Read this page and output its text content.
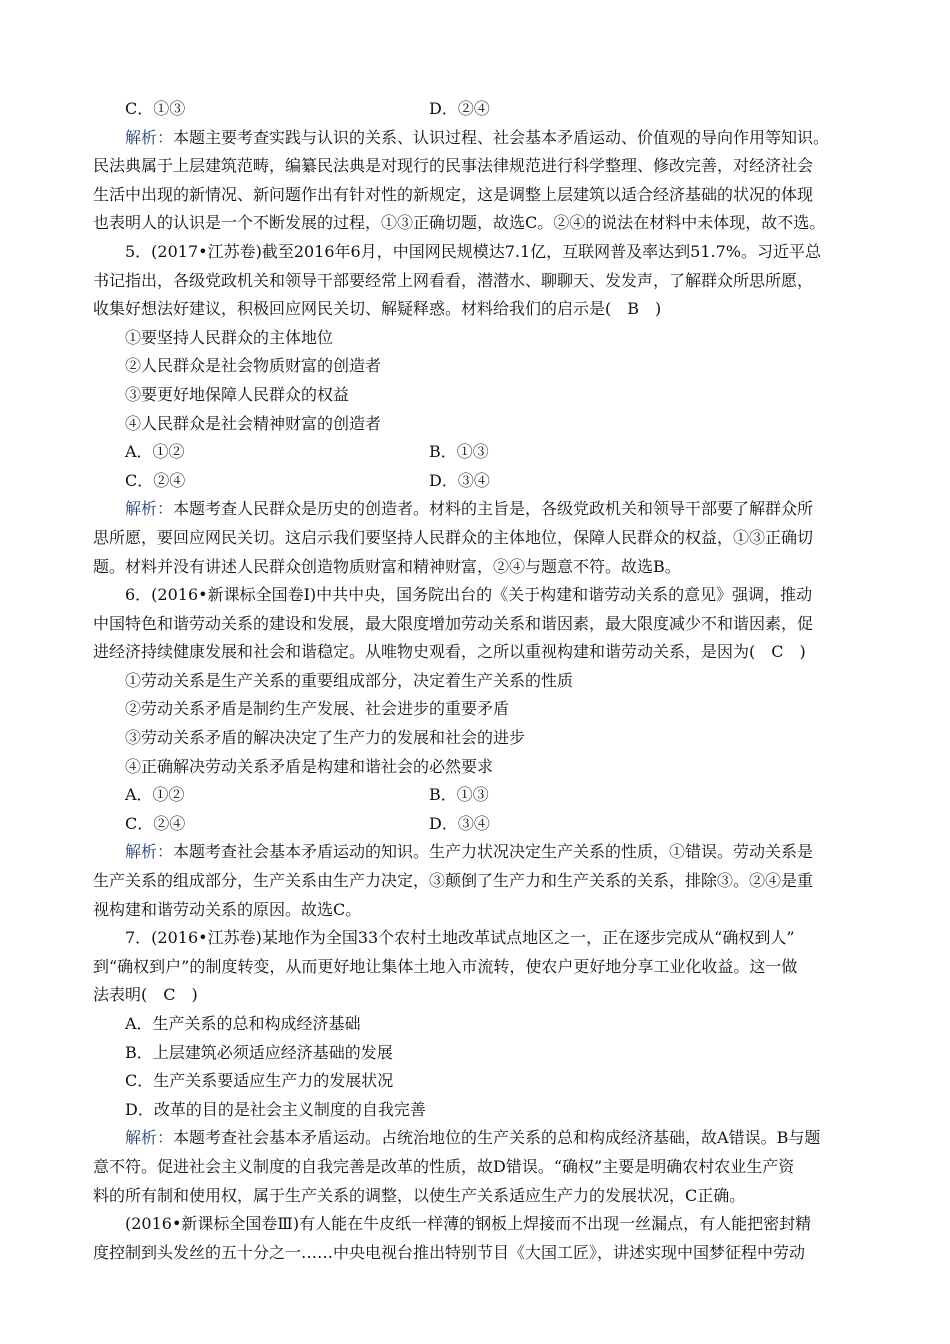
C．①③	D．②④
解析：本题主要考查实践与认识的关系、认识过程、社会基本矛盾运动、价值观的导向作用等知识。
民法典属于上层建筑范畴，编纂民法典是对现行的民事法律规范进行科学整理、修改完善，对经济社会
生活中出现的新情况、新问题作出有针对性的新规定，这是调整上层建筑以适合经济基础的状况的体现
也表明人的认识是一个不断发展的过程，①③正确切题，故选C。②④的说法在材料中未体现，故不选。
5．(2017•江苏卷)截至2016年6月，中国网民规模达7.1亿，互联网普及率达到51.7%。习近平总
书记指出，各级党政机关和领导干部要经常上网看看，潜潜水、聊聊天、发发声，了解群众所思所愿，
收集好想法好建议，积极回应网民关切、解疑释惑。材料给我们的启示是(　B　)
①要坚持人民群众的主体地位
②人民群众是社会物质财富的创造者
③要更好地保障人民群众的权益
④人民群众是社会精神财富的创造者
A．①②	B．①③
C．②④	D．③④
解析：本题考查人民群众是历史的创造者。材料的主旨是，各级党政机关和领导干部要了解群众所
思所愿，要回应网民关切。这启示我们要坚持人民群众的主体地位，保障人民群众的权益，①③正确切
题。材料并没有讲述人民群众创造物质财富和精神财富，②④与题意不符。故选B。
6．(2016•新课标全国卷Ⅰ)中共中央，国务院出台的《关于构建和谐劳动关系的意见》强调，推动
中国特色和谐劳动关系的建设和发展，最大限度增加劳动关系和谐因素，最大限度减少不和谐因素，促
进经济持续健康发展和社会和谐稳定。从唯物史观看，之所以重视构建和谐劳动关系，是因为(　C　)
①劳动关系是生产关系的重要组成部分，决定着生产关系的性质
②劳动关系矛盾是制约生产发展、社会进步的重要矛盾
③劳动关系矛盾的解决决定了生产力的发展和社会的进步
④正确解决劳动关系矛盾是构建和谐社会的必然要求
A．①②	B．①③
C．②④	D．③④
解析：本题考查社会基本矛盾运动的知识。生产力状况决定生产关系的性质，①错误。劳动关系是
生产关系的组成部分，生产关系由生产力决定，③颠倒了生产力和生产关系的关系，排除③。②④是重
视构建和谐劳动关系的原因。故选C。
7．(2016•江苏卷)某地作为全国33个农村土地改革试点地区之一，正在逐步完成从“确权到人”
到“确权到户”的制度转变，从而更好地让集体土地入市流转，使农户更好地分享工业化收益。这一做
法表明(　C　)
A．生产关系的总和构成经济基础
B．上层建筑必须适应经济基础的发展
C．生产关系要适应生产力的发展状况
D．改革的目的是社会主义制度的自我完善
解析：本题考查社会基本矛盾运动。占统治地位的生产关系的总和构成经济基础，故A错误。B与题
意不符。促进社会主义制度的自我完善是改革的性质，故D错误。“确权”主要是明确农村农业生产资
料的所有制和使用权，属于生产关系的调整，以使生产关系适应生产力的发展状况，C正确。
(2016•新课标全国卷Ⅲ)有人能在牛皮纸一样薄的钢板上焊接而不出现一丝漏点，有人能把密封精
度控制到头发丝的五十分之一……中央电视台推出特别节目《大国工匠》，讲述实现中国梦征程中劳动
